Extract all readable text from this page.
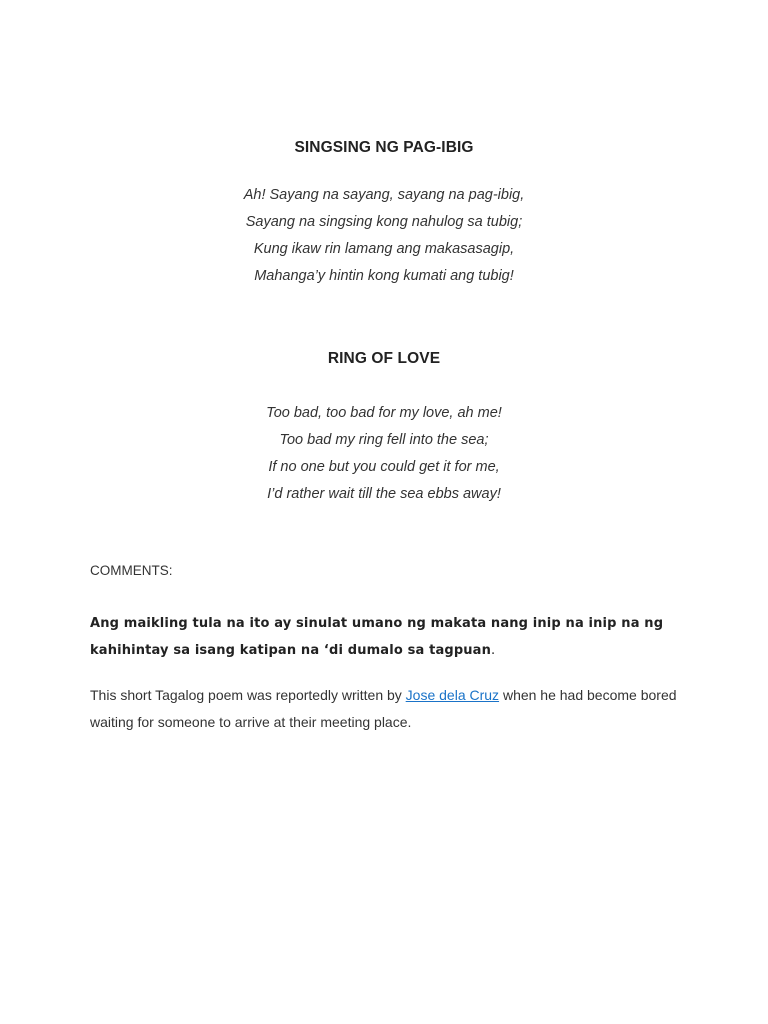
SINGSING NG PAG-IBIG
Ah! Sayang na sayang, sayang na pag-ibig,
Sayang na singsing kong nahulog sa tubig;
Kung ikaw rin lamang ang makasasagip,
Mahanga’y hintin kong kumati ang tubig!
RING OF LOVE
Too bad, too bad for my love, ah me!
Too bad my ring fell into the sea;
If no one but you could get it for me,
I’d rather wait till the sea ebbs away!
COMMENTS:
Ang maikling tula na ito ay sinulat umano ng makata nang inip na inip na ng
kahihintay sa isang katipan na ‘di dumalo sa tagpuan.
This short Tagalog poem was reportedly written by Jose dela Cruz when he had become bored waiting for someone to arrive at their meeting place.
